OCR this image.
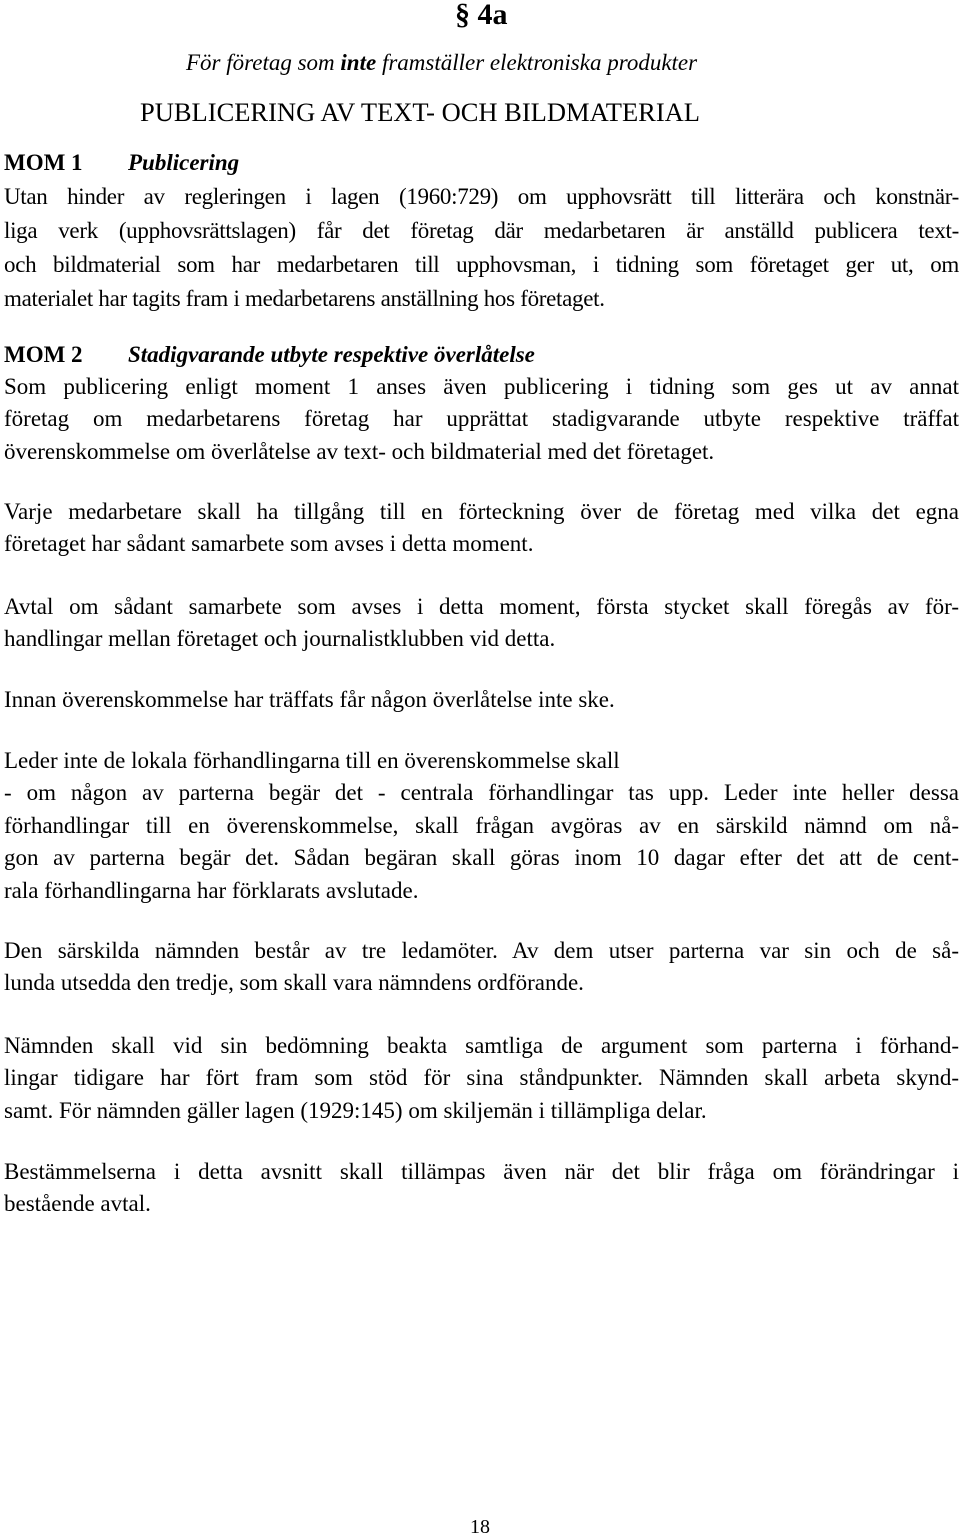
§ 4a
För företag som inte framställer elektroniska produkter
PUBLICERING AV TEXT- OCH BILDMATERIAL
MOM 1 Publicering
Utan hinder av regleringen i lagen (1960:729) om upphovsrätt till litterära och konstnär-
liga verk (upphovsrättslagen) får det företag där medarbetaren är anställd publicera text-
och bildmaterial som har medarbetaren till upphovsman, i tidning som företaget ger ut, om
materialet har tagits fram i medarbetarens anställning hos företaget.
MOM 2 Stadigvarande utbyte respektive överlåtelse
Som publicering enligt moment 1 anses även publicering i tidning som ges ut av annat
företag om medarbetarens företag har upprättat stadigvarande utbyte respektive träffat
överenskommelse om överlåtelse av text- och bildmaterial med det företaget.
Varje medarbetare skall ha tillgång till en förteckning över de företag med vilka det egna
företaget har sådant samarbete som avses i detta moment.
Avtal om sådant samarbete som avses i detta moment, första stycket skall föregås av för-
handlingar mellan företaget och journalistklubben vid detta.
Innan överenskommelse har träffats får någon överlåtelse inte ske.
Leder inte de lokala förhandlingarna till en överenskommelse skall
- om någon av parterna begär det - centrala förhandlingar tas upp. Leder inte heller dessa
förhandlingar till en överenskommelse, skall frågan avgöras av en särskild nämnd om nå-
gon av parterna begär det. Sådan begäran skall göras inom 10 dagar efter det att de cent-
rala förhandlingarna har förklarats avslutade.
Den särskilda nämnden består av tre ledamöter. Av dem utser parterna var sin och de så-
lunda utsedda den tredje, som skall vara nämndens ordförande.
Nämnden skall vid sin bedömning beakta samtliga de argument som parterna i förhand-
lingar tidigare har fört fram som stöd för sina ståndpunkter. Nämnden skall arbeta skynd-
samt. För nämnden gäller lagen (1929:145) om skiljemän i tillämpliga delar.
Bestämmelserna i detta avsnitt skall tillämpas även när det blir fråga om förändringar i
bestående avtal.
18
